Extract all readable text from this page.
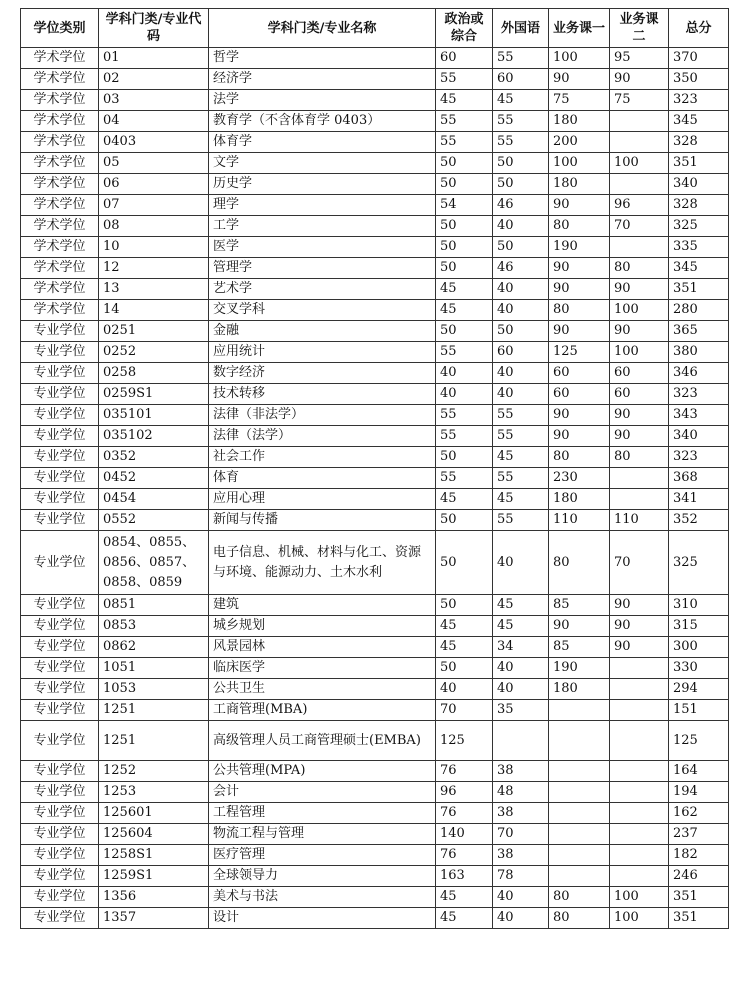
学位类别	学科门类/专业代码	学科门类/专业名称	政治或综合	外国语	业务课一	业务课二	总分
学术学位	01	哲学	60	55	100	95	370
学术学位	02	经济学	55	60	90	90	350
学术学位	03	法学	45	45	75	75	323
学术学位	04	教育学（不含体育学 0403）	55	55	180		345
学术学位	0403	体育学	55	55	200		328
学术学位	05	文学	50	50	100	100	351
学术学位	06	历史学	50	50	180		340
学术学位	07	理学	54	46	90	96	328
学术学位	08	工学	50	40	80	70	325
学术学位	10	医学	50	50	190		335
学术学位	12	管理学	50	46	90	80	345
学术学位	13	艺术学	45	40	90	90	351
学术学位	14	交叉学科	45	40	80	100	280
专业学位	0251	金融	50	50	90	90	365
专业学位	0252	应用统计	55	60	125	100	380
专业学位	0258	数字经济	40	40	60	60	346
专业学位	0259S1	技术转移	40	40	60	60	323
专业学位	035101	法律（非法学）	55	55	90	90	343
专业学位	035102	法律（法学）	55	55	90	90	340
专业学位	0352	社会工作	50	45	80	80	323
专业学位	0452	体育	55	55	230		368
专业学位	0454	应用心理	45	45	180		341
专业学位	0552	新闻与传播	50	55	110	110	352
专业学位	0854、0855、0856、0857、0858、0859	电子信息、机械、材料与化工、资源与环境、能源动力、土木水利	50	40	80	70	325
专业学位	0851	建筑	50	45	85	90	310
专业学位	0853	城乡规划	45	45	90	90	315
专业学位	0862	风景园林	45	34	85	90	300
专业学位	1051	临床医学	50	40	190		330
专业学位	1053	公共卫生	40	40	180		294
专业学位	1251	工商管理(MBA)	70	35			151
专业学位	1251	高级管理人员工商管理硕士(EMBA)	125				125
专业学位	1252	公共管理(MPA)	76	38			164
专业学位	1253	会计	96	48			194
专业学位	125601	工程管理	76	38			162
专业学位	125604	物流工程与管理	140	70			237
专业学位	1258S1	医疗管理	76	38			182
专业学位	1259S1	全球领导力	163	78			246
专业学位	1356	美术与书法	45	40	80	100	351
专业学位	1357	设计	45	40	80	100	351
